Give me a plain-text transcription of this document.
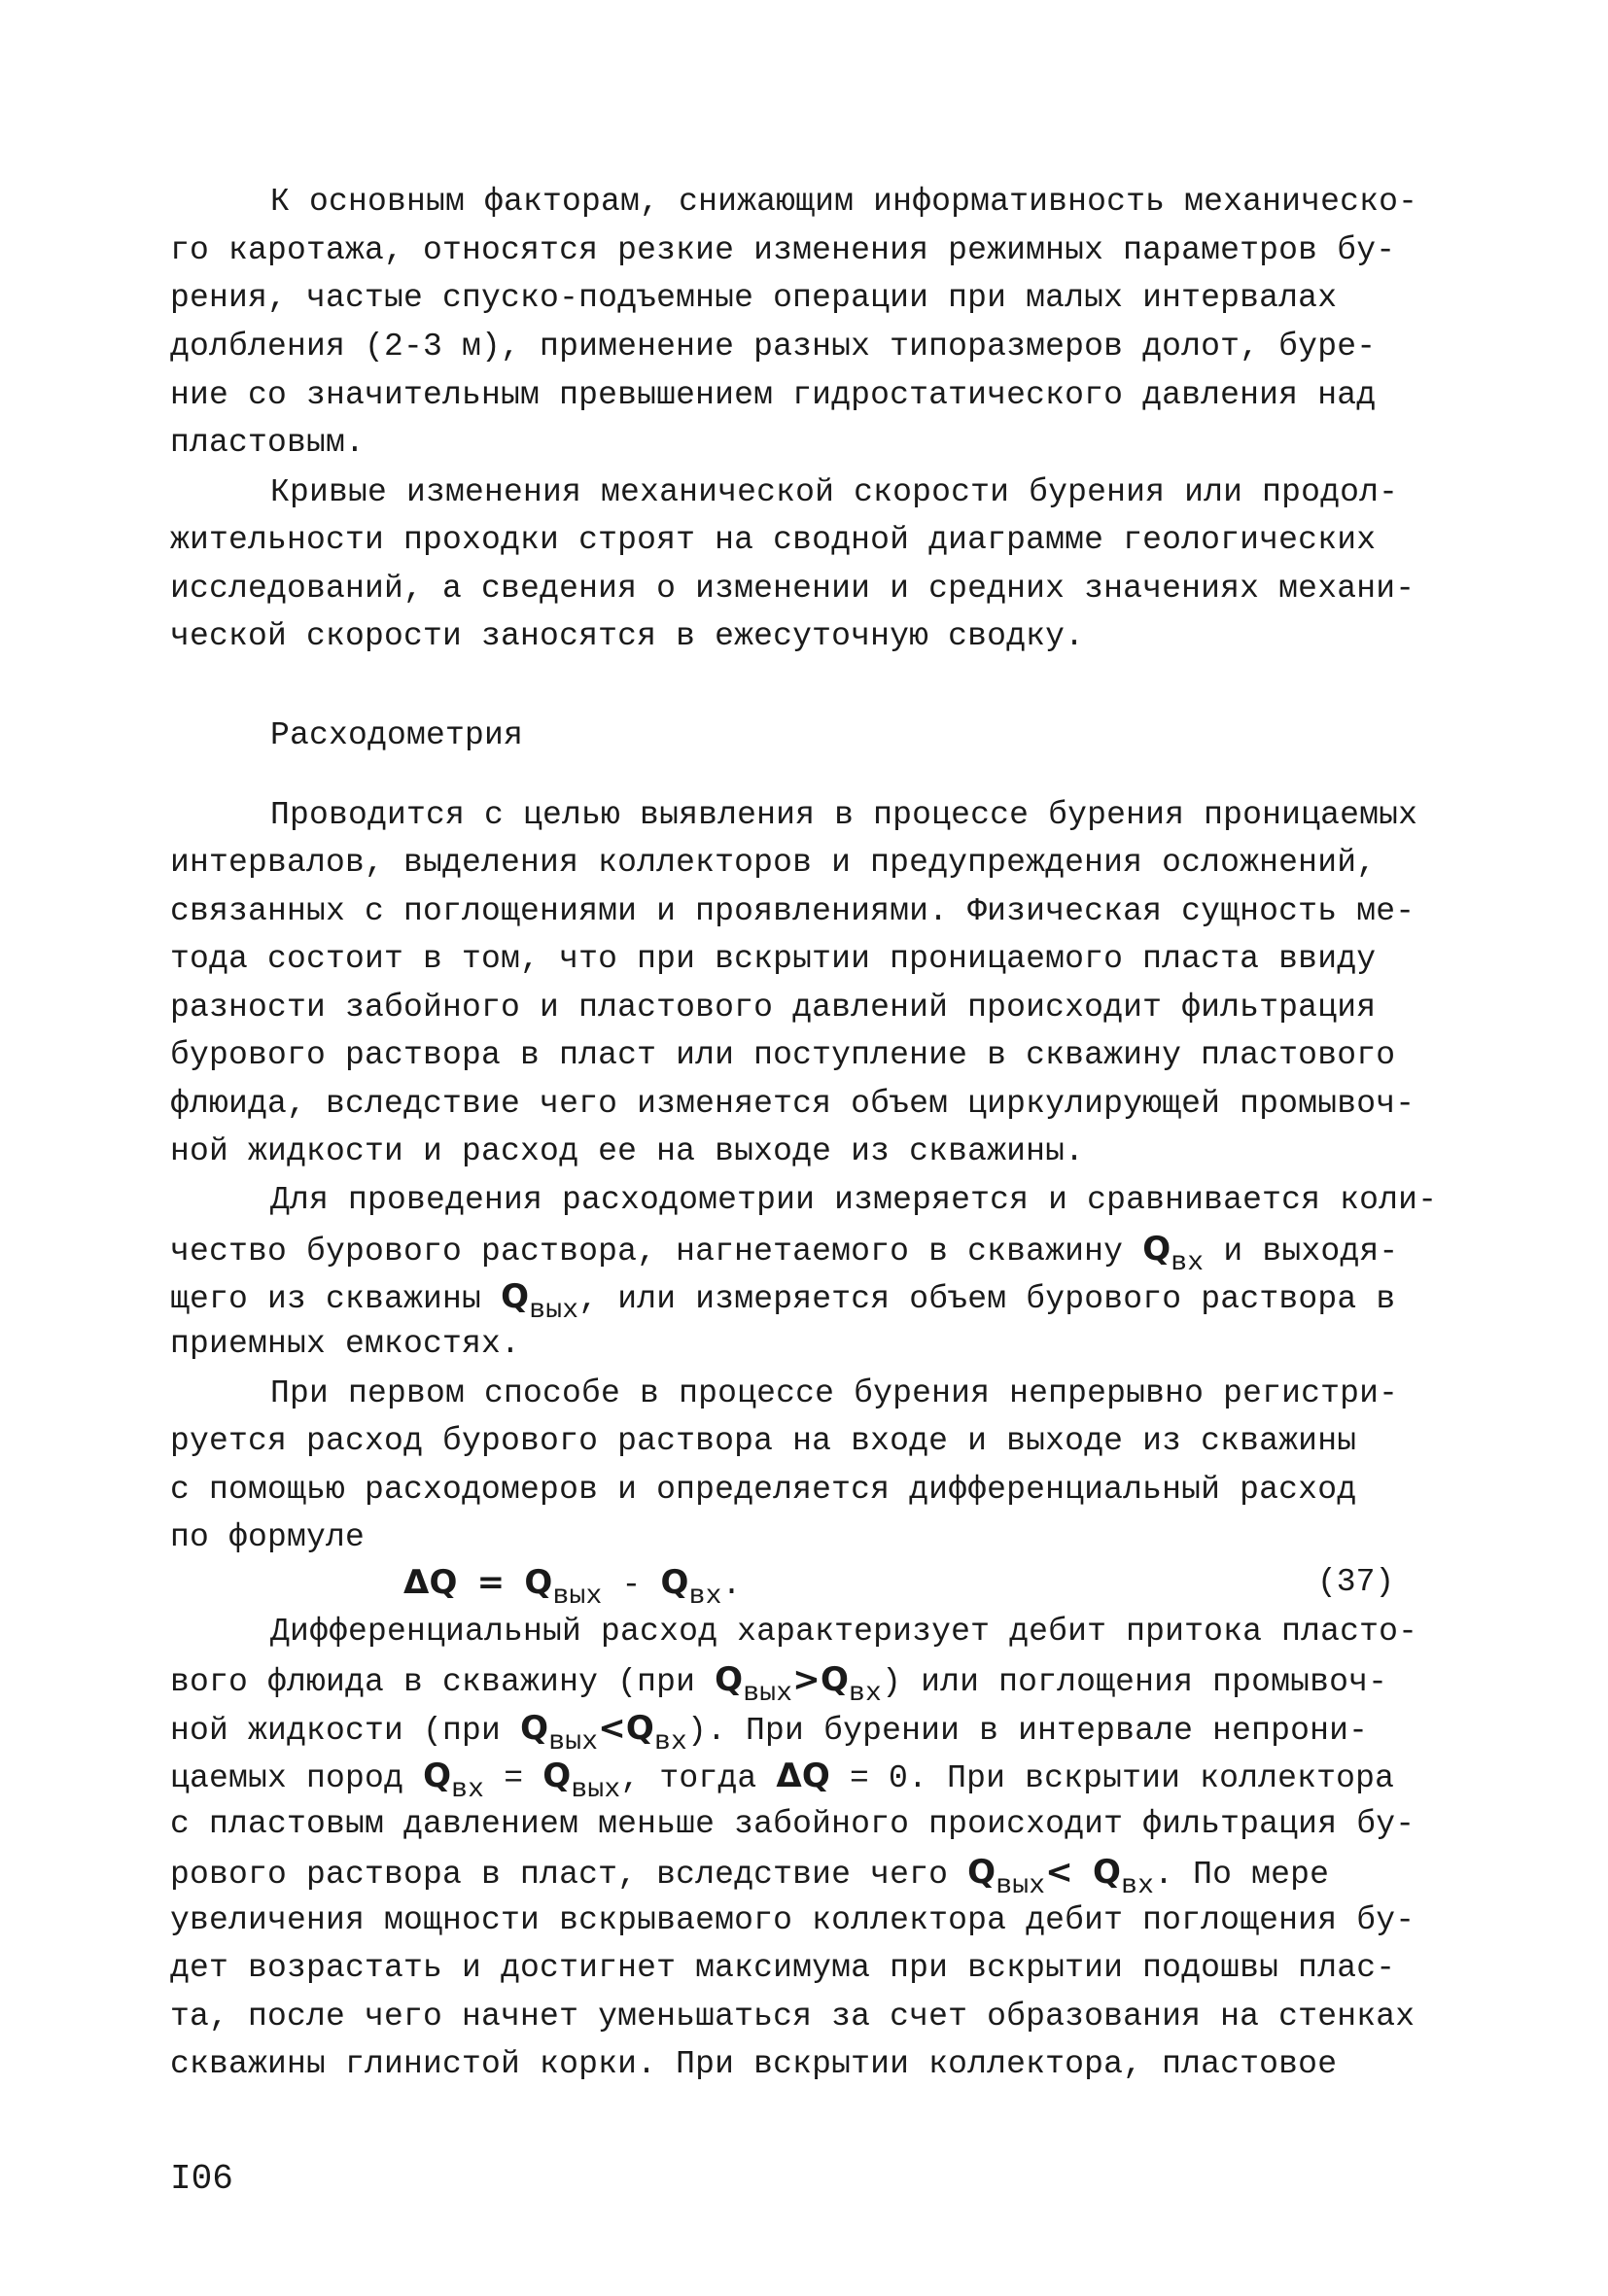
К основным факторам, снижающим информативность механическо-
го каротажа, относятся резкие изменения режимных параметров бу-
рения, частые спуско-подъемные операции при малых интервалах
долбления (2-3 м), применение разных типоразмеров долот, буре-
ние со значительным превышением гидростатического давления над
пластовым.
Кривые изменения механической скорости бурения или продол-
жительности проходки строят на сводной диаграмме геологических
исследований, а сведения о изменении и средних значениях механи-
ческой скорости заносятся в ежесуточную сводку.
Расходометрия
Проводится с целью выявления в процессе бурения проницаемых
интервалов, выделения коллекторов и предупреждения осложнений,
связанных с поглощениями и проявлениями. Физическая сущность ме-
тода состоит в том, что при вскрытии проницаемого пласта ввиду
разности забойного и пластового давлений происходит фильтрация
бурового раствора в пласт или поступление в скважину пластового
флюида, вследствие чего изменяется объем циркулирующей промывоч-
ной жидкости и расход ее на выходе из скважины.
Для проведения расходометрии измеряется и сравнивается коли-
чество бурового раствора, нагнетаемого в скважину $Q_{вх}$ и выходя-
щего из скважины $Q_{вых}$, или измеряется объем бурового раствора в
приемных емкостях.
При первом способе в процессе бурения непрерывно регистри-
руется расход бурового раствора на входе и выходе из скважины
с помощью расходомеров и определяется дифференциальный расход
по формуле
$\Delta Q = Q_{вых} - Q_{вх}$.	(37)
Дифференциальный расход характеризует дебит притока пласто-
вого флюида в скважину (при $Q_{вых}>Q_{вх}$) или поглощения промывоч-
ной жидкости (при $Q_{вых}<Q_{вх}$). При бурении в интервале непрони-
цаемых пород $Q_{вх} = Q_{вых}$, тогда ΔQ = 0. При вскрытии коллектора
с пластовым давлением меньше забойного происходит фильтрация бу-
рового раствора в пласт, вследствие чего $Q_{вых}< Q_{вх}$. По мере
увеличения мощности вскрываемого коллектора дебит поглощения бу-
дет возрастать и достигнет максимума при вскрытии подошвы плас-
та, после чего начнет уменьшаться за счет образования на стенках
скважины глинистой корки. При вскрытии коллектора, пластовое
I06
